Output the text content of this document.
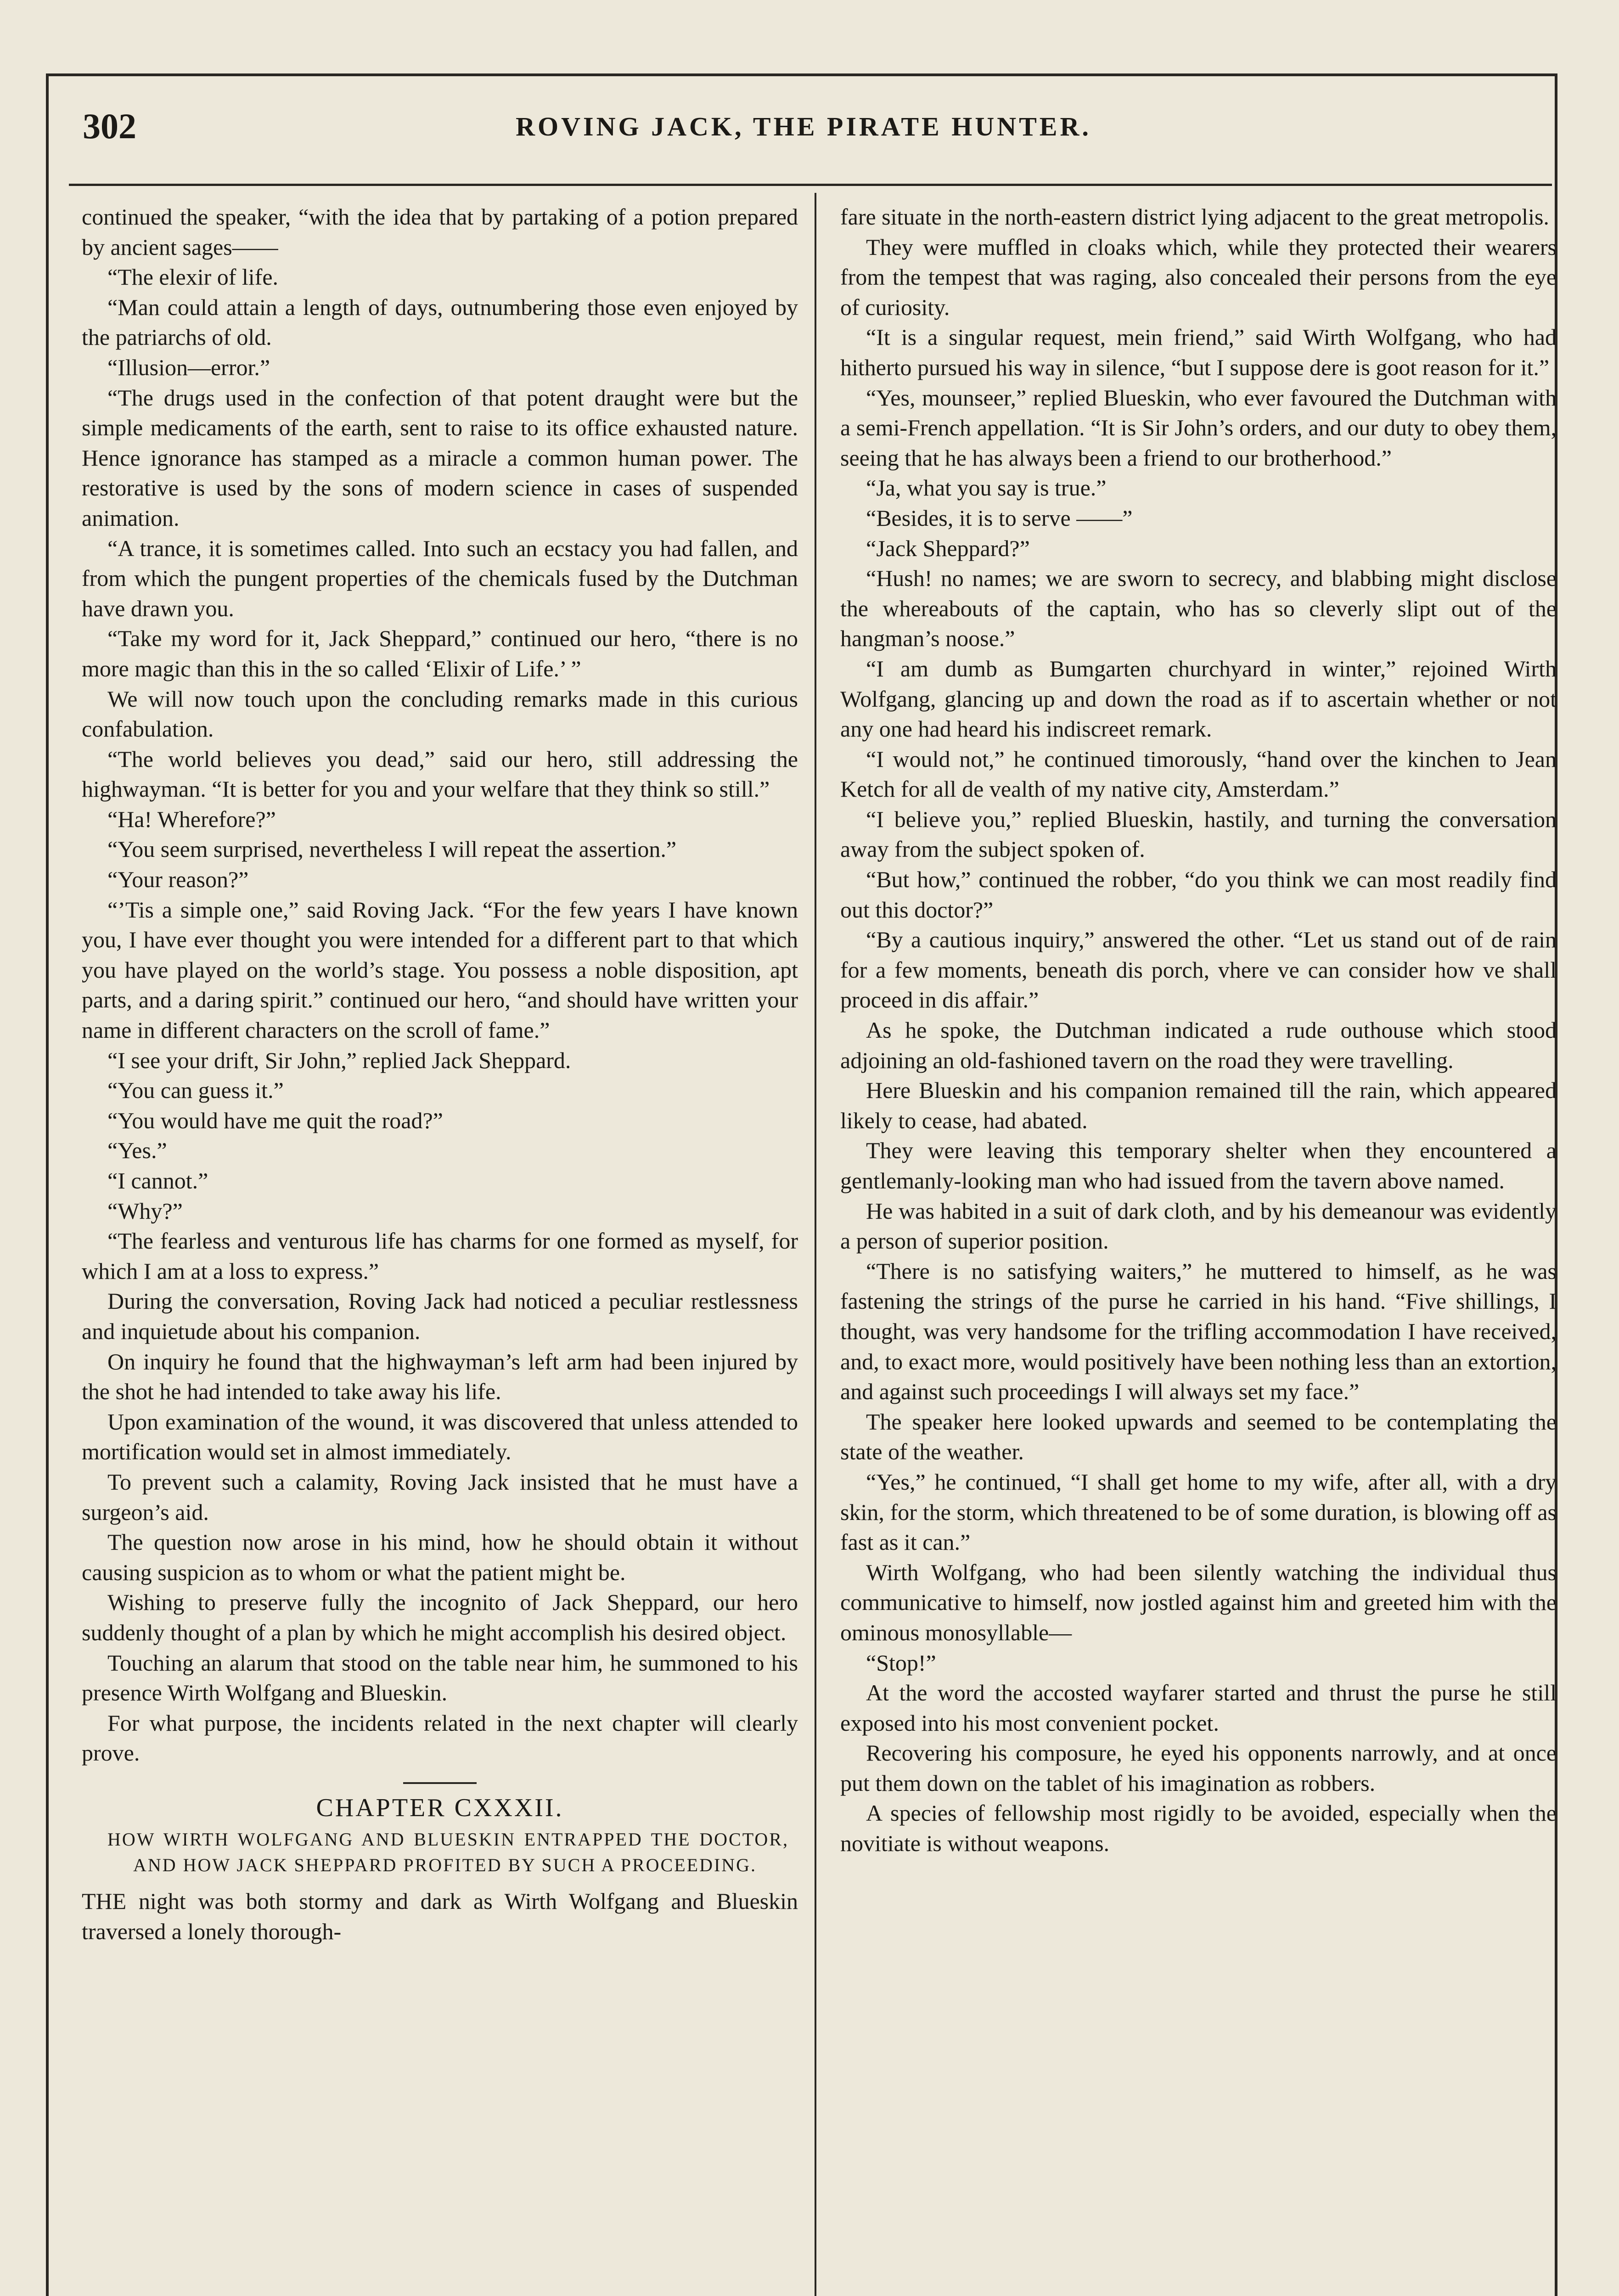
302	ROVING JACK, THE PIRATE HUNTER.

continued the speaker, “with the idea that by partaking of a potion prepared by ancient sages——

“The elexir of life.

“Man could attain a length of days, outnumbering those even enjoyed by the patriarchs of old.

“Illusion—error.”

“The drugs used in the confection of that potent draught were but the simple medicaments of the earth, sent to raise to its office exhausted nature. Hence ignorance has stamped as a miracle a common human power. The restorative is used by the sons of modern science in cases of suspended animation.

“A trance, it is sometimes called. Into such an ecstacy you had fallen, and from which the pungent properties of the chemicals fused by the Dutchman have drawn you.

“Take my word for it, Jack Sheppard,” continued our hero, “there is no more magic than this in the so called ‘Elixir of Life.’ ”

We will now touch upon the concluding remarks made in this curious confabulation.

“The world believes you dead,” said our hero, still addressing the highwayman. “It is better for you and your welfare that they think so still.”

“Ha! Wherefore?”

“You seem surprised, nevertheless I will repeat the assertion.”

“Your reason?”

“’Tis a simple one,” said Roving Jack. “For the few years I have known you, I have ever thought you were intended for a different part to that which you have played on the world’s stage. You possess a noble disposition, apt parts, and a daring spirit.” continued our hero, “and should have written your name in different characters on the scroll of fame.”

“I see your drift, Sir John,” replied Jack Sheppard.

“You can guess it.”

“You would have me quit the road?”

“Yes.”

“I cannot.”

“Why?”

“The fearless and venturous life has charms for one formed as myself, for which I am at a loss to express.”

During the conversation, Roving Jack had noticed a peculiar restlessness and inquietude about his companion.

On inquiry he found that the highwayman’s left arm had been injured by the shot he had intended to take away his life.

Upon examination of the wound, it was discovered that unless attended to mortification would set in almost immediately.

To prevent such a calamity, Roving Jack insisted that he must have a surgeon’s aid.

The question now arose in his mind, how he should obtain it without causing suspicion as to whom or what the patient might be.

Wishing to preserve fully the incognito of Jack Sheppard, our hero suddenly thought of a plan by which he might accomplish his desired object.

Touching an alarum that stood on the table near him, he summoned to his presence Wirth Wolfgang and Blueskin.

For what purpose, the incidents related in the next chapter will clearly prove.

CHAPTER CXXXII.
HOW WIRTH WOLFGANG AND BLUESKIN ENTRAPPED THE DOCTOR, AND HOW JACK SHEPPARD PROFITED BY SUCH A PROCEEDING.

THE night was both stormy and dark as Wirth Wolfgang and Blueskin traversed a lonely thorough-

fare situate in the north-eastern district lying adjacent to the great metropolis.

They were muffled in cloaks which, while they protected their wearers from the tempest that was raging, also concealed their persons from the eye of curiosity.

“It is a singular request, mein friend,” said Wirth Wolfgang, who had hitherto pursued his way in silence, “but I suppose dere is goot reason for it.”

“Yes, mounseer,” replied Blueskin, who ever favoured the Dutchman with a semi-French appellation. “It is Sir John’s orders, and our duty to obey them, seeing that he has always been a friend to our brotherhood.”

“Ja, what you say is true.”

“Besides, it is to serve ——”

“Jack Sheppard?”

“Hush! no names; we are sworn to secrecy, and blabbing might disclose the whereabouts of the captain, who has so cleverly slipt out of the hangman’s noose.”

“I am dumb as Bumgarten churchyard in winter,” rejoined Wirth Wolfgang, glancing up and down the road as if to ascertain whether or not any one had heard his indiscreet remark.

“I would not,” he continued timorously, “hand over the kinchen to Jean Ketch for all de vealth of my native city, Amsterdam.”

“I believe you,” replied Blueskin, hastily, and turning the conversation away from the subject spoken of.

“But how,” continued the robber, “do you think we can most readily find out this doctor?”

“By a cautious inquiry,” answered the other. “Let us stand out of de rain for a few moments, beneath dis porch, vhere ve can consider how ve shall proceed in dis affair.”

As he spoke, the Dutchman indicated a rude outhouse which stood adjoining an old-fashioned tavern on the road they were travelling.

Here Blueskin and his companion remained till the rain, which appeared likely to cease, had abated.

They were leaving this temporary shelter when they encountered a gentlemanly-looking man who had issued from the tavern above named.

He was habited in a suit of dark cloth, and by his demeanour was evidently a person of superior position.

“There is no satisfying waiters,” he muttered to himself, as he was fastening the strings of the purse he carried in his hand. “Five shillings, I thought, was very handsome for the trifling accommodation I have received, and, to exact more, would positively have been nothing less than an extortion, and against such proceedings I will always set my face.”

The speaker here looked upwards and seemed to be contemplating the state of the weather.

“Yes,” he continued, “I shall get home to my wife, after all, with a dry skin, for the storm, which threatened to be of some duration, is blowing off as fast as it can.”

Wirth Wolfgang, who had been silently watching the individual thus communicative to himself, now jostled against him and greeted him with the ominous monosyllable—

“Stop!”

At the word the accosted wayfarer started and thrust the purse he still exposed into his most convenient pocket.

Recovering his composure, he eyed his opponents narrowly, and at once put them down on the tablet of his imagination as robbers.

A species of fellowship most rigidly to be avoided, especially when the novitiate is without weapons.
